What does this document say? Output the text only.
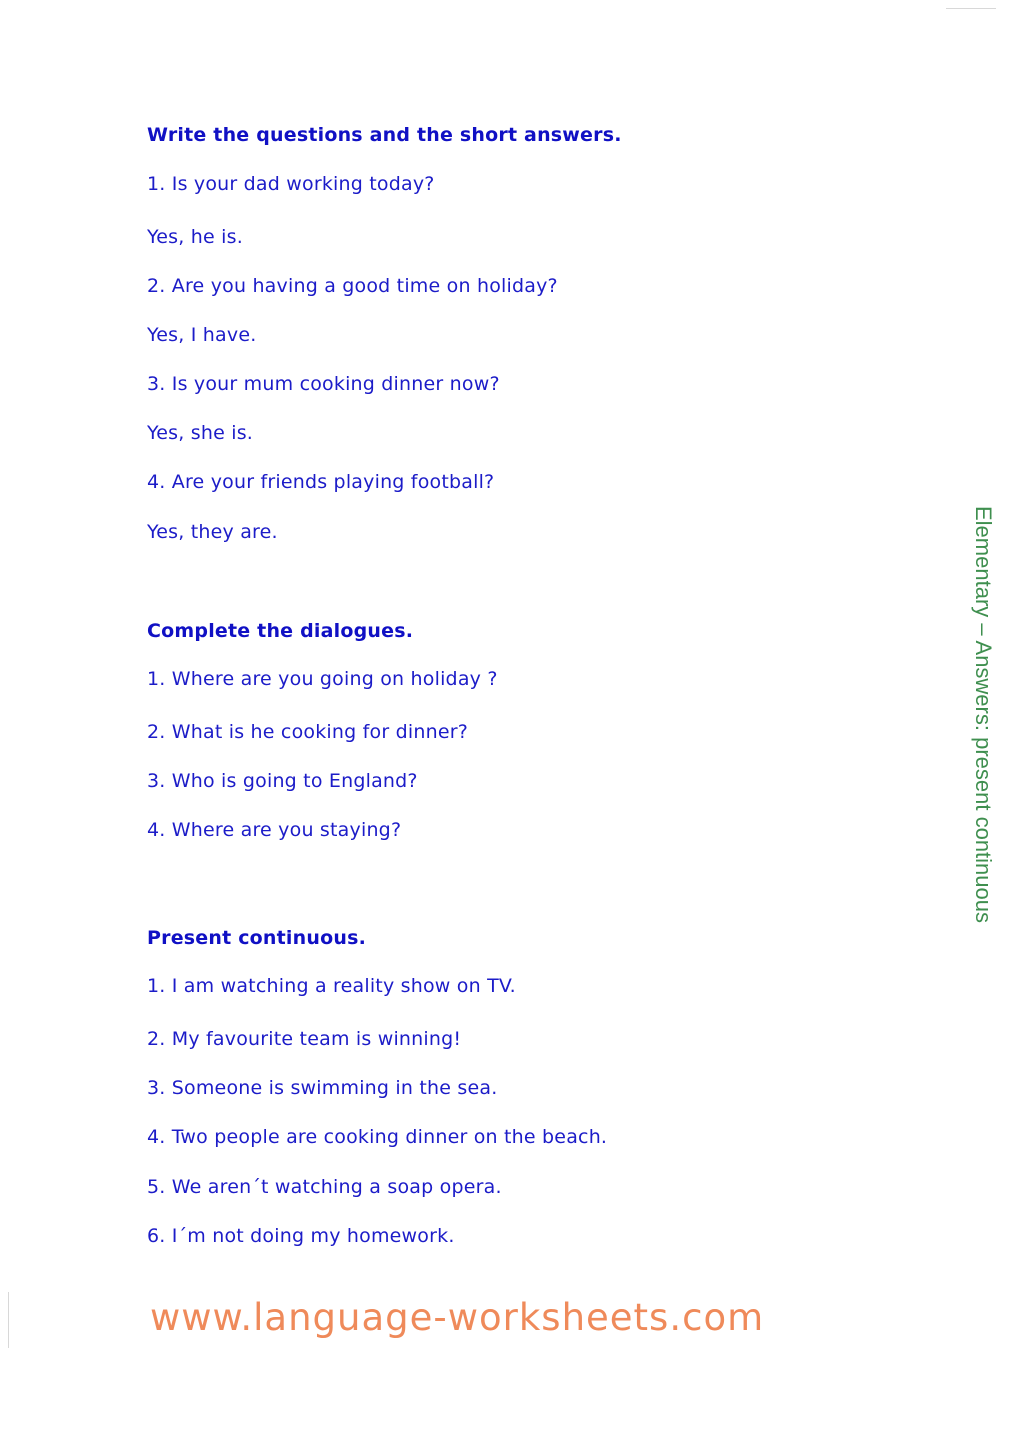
Write the questions and the short answers.
1. Is your dad working today?
Yes, he is.
2. Are you having a good time on holiday?
Yes, I have.
3. Is your mum cooking dinner now?
Yes, she is.
4. Are your friends playing football?
Yes, they are.
Complete the dialogues.
1. Where are you going on holiday ?
2. What is he cooking for dinner?
3. Who is going to England?
4. Where are you staying?
Present continuous.
1. I am watching a reality show on TV.
2. My favourite team is winning!
3. Someone is swimming in the sea.
4. Two people are cooking dinner on the beach.
5. We aren´t watching a soap opera.
6. I´m not doing my homework.
Elementary – Answers: present continuous
www.language-worksheets.com
